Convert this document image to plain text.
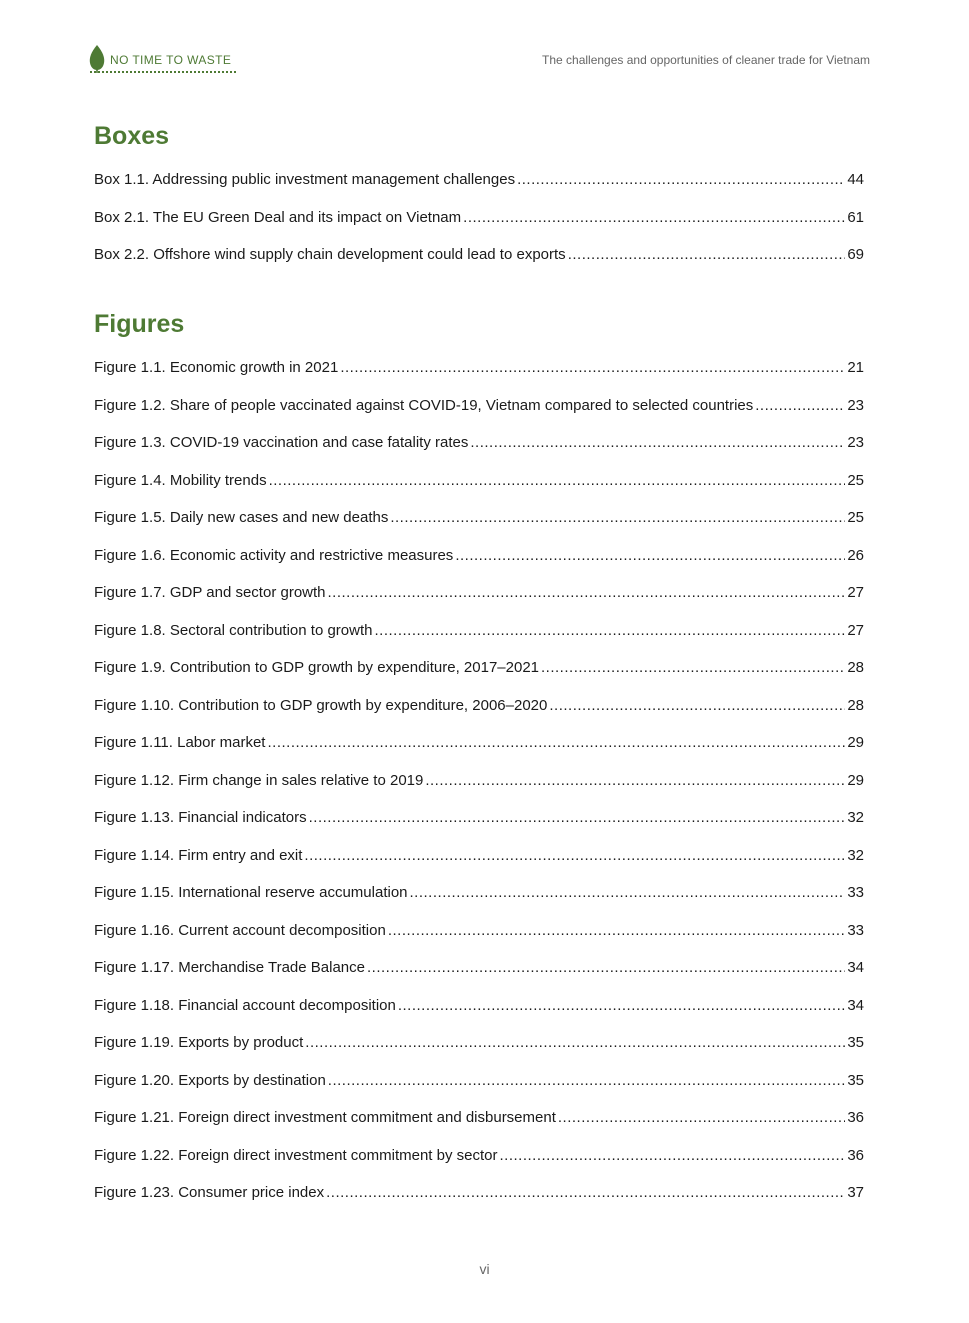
NO TIME TO WASTE	The challenges and opportunities of cleaner trade for Vietnam
Boxes
Box 1.1. Addressing public investment management challenges .....	44
Box 2.1. The EU Green Deal and its impact on Vietnam .....	61
Box 2.2. Offshore wind supply chain development could lead to exports .....	69
Figures
Figure 1.1. Economic growth in 2021 .....	21
Figure 1.2. Share of people vaccinated against COVID-19, Vietnam compared to selected countries .....	23
Figure 1.3. COVID-19 vaccination and case fatality rates .....	23
Figure 1.4. Mobility trends .....	25
Figure 1.5. Daily new cases and new deaths .....	25
Figure 1.6. Economic activity and restrictive measures .....	26
Figure 1.7. GDP and sector growth .....	27
Figure 1.8. Sectoral contribution to growth .....	27
Figure 1.9. Contribution to GDP growth by expenditure, 2017–2021 .....	28
Figure 1.10. Contribution to GDP growth by expenditure, 2006–2020 .....	28
Figure 1.11. Labor market .....	29
Figure 1.12. Firm change in sales relative to 2019 .....	29
Figure 1.13. Financial indicators .....	32
Figure 1.14. Firm entry and exit .....	32
Figure 1.15. International reserve accumulation .....	33
Figure 1.16. Current account decomposition .....	33
Figure 1.17. Merchandise Trade Balance .....	34
Figure 1.18. Financial account decomposition .....	34
Figure 1.19. Exports by product .....	35
Figure 1.20. Exports by destination .....	35
Figure 1.21. Foreign direct investment commitment and disbursement .....	36
Figure 1.22. Foreign direct investment commitment by sector .....	36
Figure 1.23. Consumer price index .....	37
vi
